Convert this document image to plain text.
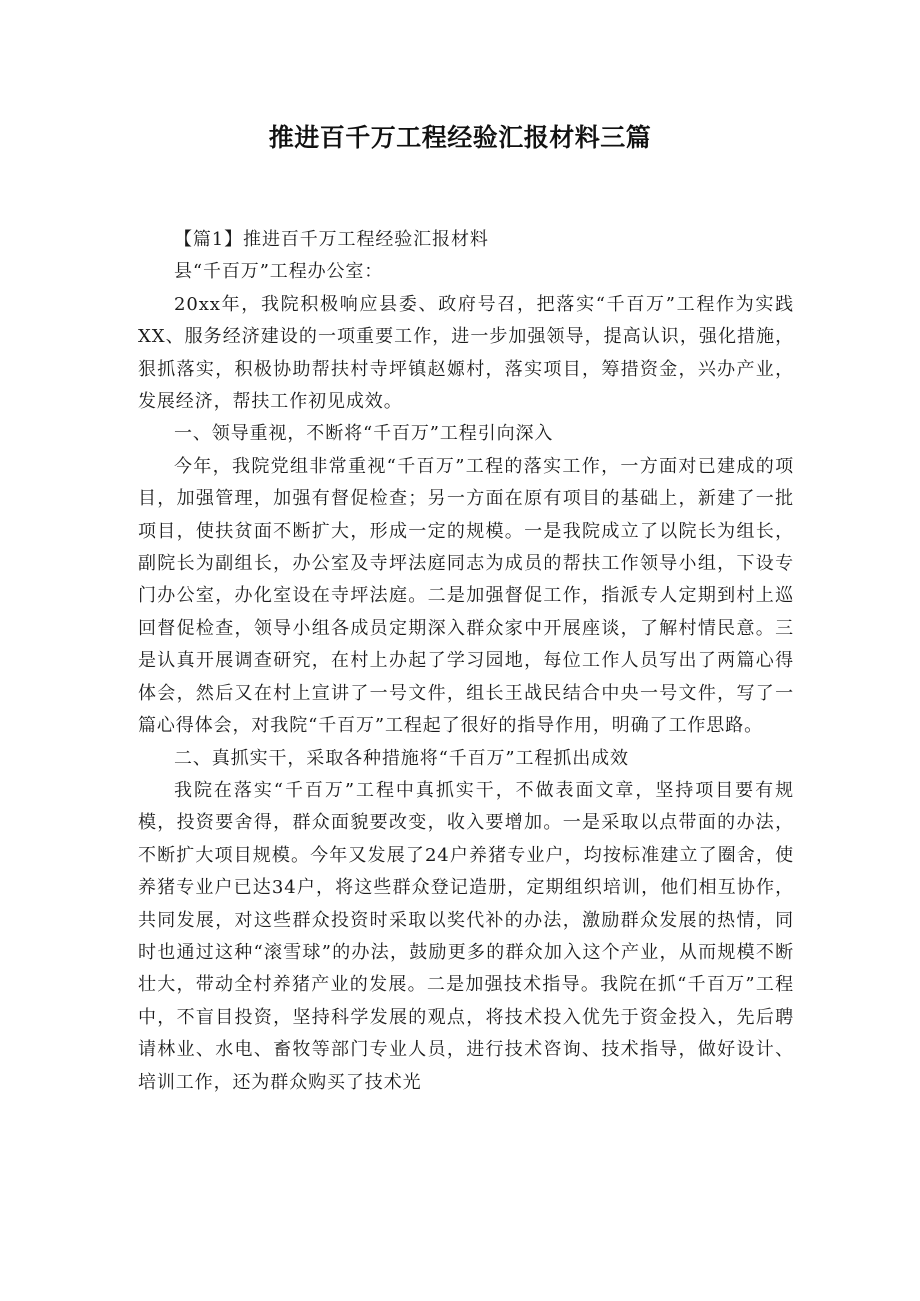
推进百千万工程经验汇报材料三篇

【篇1】推进百千万工程经验汇报材料

县“千百万”工程办公室：

20xx年，我院积极响应县委、政府号召，把落实“千百万”工程作为实践XX、服务经济建设的一项重要工作，进一步加强领导，提高认识，强化措施，狠抓落实，积极协助帮扶村寺坪镇赵嫄村，落实项目，筹措资金，兴办产业，发展经济，帮扶工作初见成效。

一、领导重视，不断将“千百万”工程引向深入

今年，我院党组非常重视“千百万”工程的落实工作，一方面对已建成的项目，加强管理，加强有督促检查；另一方面在原有项目的基础上，新建了一批项目，使扶贫面不断扩大，形成一定的规模。一是我院成立了以院长为组长，副院长为副组长，办公室及寺坪法庭同志为成员的帮扶工作领导小组，下设专门办公室，办化室设在寺坪法庭。二是加强督促工作，指派专人定期到村上巡回督促检查，领导小组各成员定期深入群众家中开展座谈，了解村情民意。三是认真开展调查研究，在村上办起了学习园地，每位工作人员写出了两篇心得体会，然后又在村上宣讲了一号文件，组长王战民结合中央一号文件，写了一篇心得体会，对我院“千百万”工程起了很好的指导作用，明确了工作思路。

二、真抓实干，采取各种措施将“千百万”工程抓出成效

我院在落实“千百万”工程中真抓实干，不做表面文章，坚持项目要有规模，投资要舍得，群众面貌要改变，收入要增加。一是采取以点带面的办法，不断扩大项目规模。今年又发展了24户养猪专业户，均按标准建立了圈舍，使养猪专业户已达34户，将这些群众登记造册，定期组织培训，他们相互协作，共同发展，对这些群众投资时采取以奖代补的办法，激励群众发展的热情，同时也通过这种“滚雪球”的办法，鼓励更多的群众加入这个产业，从而规模不断壮大，带动全村养猪产业的发展。二是加强技术指导。我院在抓“千百万”工程中，不盲目投资，坚持科学发展的观点，将技术投入优先于资金投入，先后聘请林业、水电、畜牧等部门专业人员，进行技术咨询、技术指导，做好设计、培训工作，还为群众购买了技术光
